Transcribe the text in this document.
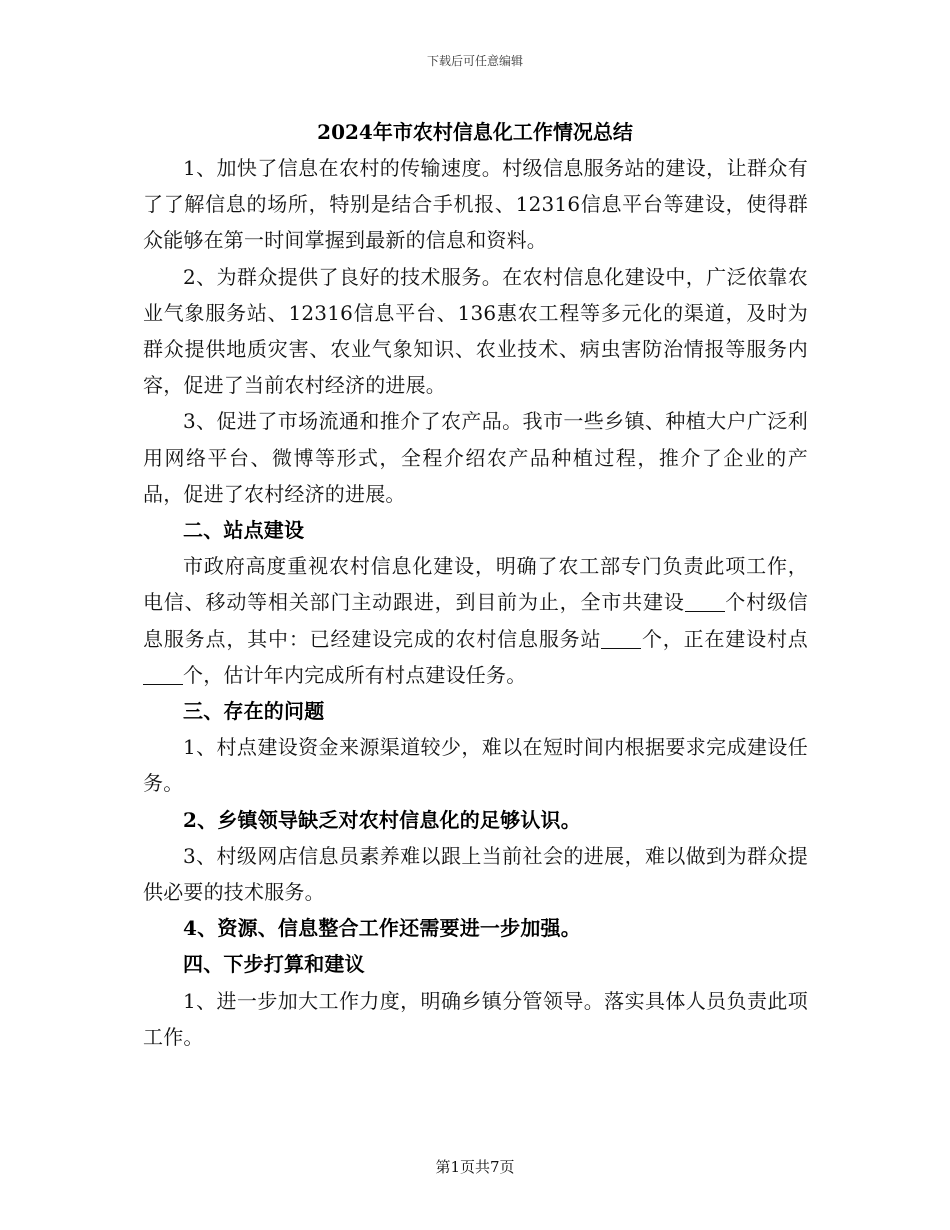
下载后可任意编辑
2024年市农村信息化工作情况总结

1、加快了信息在农村的传输速度。村级信息服务站的建设，让群众有了了解信息的场所，特别是结合手机报、12316信息平台等建设，使得群众能够在第一时间掌握到最新的信息和资料。

2、为群众提供了良好的技术服务。在农村信息化建设中，广泛依靠农业气象服务站、12316信息平台、136惠农工程等多元化的渠道，及时为群众提供地质灾害、农业气象知识、农业技术、病虫害防治情报等服务内容，促进了当前农村经济的进展。

3、促进了市场流通和推介了农产品。我市一些乡镇、种植大户广泛利用网络平台、微博等形式，全程介绍农产品种植过程，推介了企业的产品，促进了农村经济的进展。

二、站点建设

市政府高度重视农村信息化建设，明确了农工部专门负责此项工作，电信、移动等相关部门主动跟进，到目前为止，全市共建设 个村级信息服务点，其中：已经建设完成的农村信息服务站 个，正在建设村点个，估计年内完成所有村点建设任务。

三、存在的问题

1、村点建设资金来源渠道较少，难以在短时间内根据要求完成建设任务。

2、乡镇领导缺乏对农村信息化的足够认识。

3、村级网店信息员素养难以跟上当前社会的进展，难以做到为群众提供必要的技术服务。

4、资源、信息整合工作还需要进一步加强。

四、下步打算和建议

1、进一步加大工作力度，明确乡镇分管领导。落实具体人员负责此项工作。

第1页共7页
